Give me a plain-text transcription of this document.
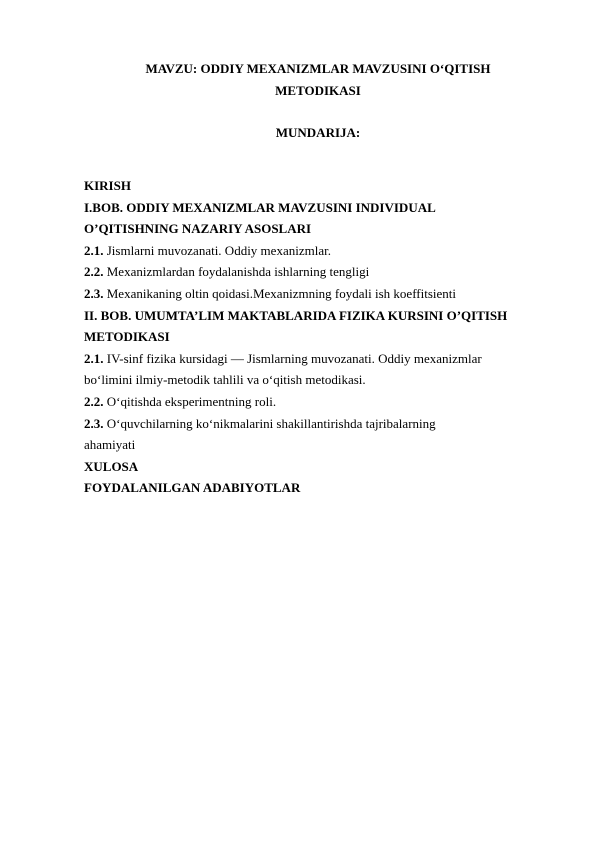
MAVZU: ODDIY MEXANIZMLAR MAVZUSINI O‘QITISH
METODIKASI
MUNDARIJA:
KIRISH
I.BOB. ODDIY MEXANIZMLAR MAVZUSINI INDIVIDUAL
O’QITISHNING NAZARIY ASOSLARI
2.1. Jismlarni muvozanati. Oddiy mexanizmlar.
2.2. Mexanizmlardan foydalanishda ishlarning tengligi
2.3. Mexanikaning oltin qoidasi.Mexanizmning foydali ish koeffitsienti
II. BOB. UMUMTA’LIM MAKTABLARIDA FIZIKA KURSINI O’QITISH
METODIKASI
2.1. IV-sinf fizika kursidagi ― Jismlarning muvozanati. Oddiy mexanizmlar
bo‘limini ilmiy-metodik tahlili va o‘qitish metodikasi.
2.2. O‘qitishda eksperimentning roli.
2.3. O‘quvchilarning ko‘nikmalarini shakillantirishda tajribalarning
ahamiyati
XULOSA
FOYDALANILGAN ADABIYOTLAR
